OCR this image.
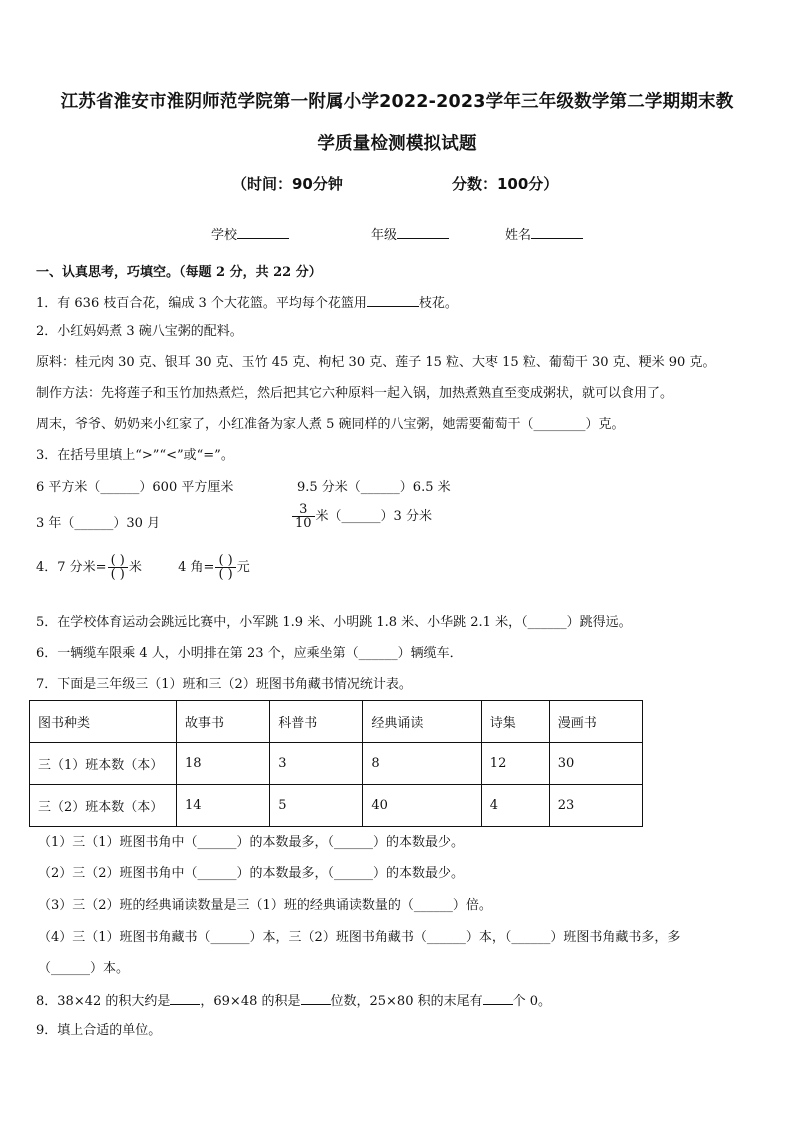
江苏省淮安市淮阴师范学院第一附属小学2022-2023学年三年级数学第二学期期末教
学质量检测模拟试题
（时间：90分钟	分数：100分）
学校	年级	姓名
一、认真思考，巧填空。（每题 2 分，共 22 分）
1．有 636 枝百合花，编成 3 个大花篮。平均每个花篮用	枝花。
2．小红妈妈煮 3 碗八宝粥的配料。
原料：桂元肉 30 克、银耳 30 克、玉竹 45 克、枸杞 30 克、莲子 15 粒、大枣 15 粒、葡萄干 30 克、粳米 90 克。
制作方法：先将莲子和玉竹加热煮烂，然后把其它六种原料一起入锅，加热煮熟直至变成粥状，就可以食用了。
周末，爷爷、奶奶来小红家了，小红准备为家人煮 5 碗同样的八宝粥，她需要葡萄干（________）克。
3．在括号里填上“>”“<”或“=”。
6 平方米（______）600 平方厘米	9.5 分米（______）6.5 米
3 年（______）30 月	$\frac{3}{10}$ 米（______）3 分米
4．7 分米= $\frac{( )}{( )}$ 米	4 角= $\frac{( )}{( )}$ 元
5．在学校体育运动会跳远比赛中，小军跳 1.9 米、小明跳 1.8 米、小华跳 2.1 米，（______）跳得远。
6．一辆缆车限乘 4 人，小明排在第 23 个，应乘坐第（______）辆缆车．
7．下面是三年级三（1）班和三（2）班图书角藏书情况统计表。
图书种类	故事书	科普书	经典诵读	诗集	漫画书
三（1）班本数（本）	18	3	8	12	30
三（2）班本数（本）	14	5	40	4	23
（1）三（1）班图书角中（______）的本数最多，（______）的本数最少。
（2）三（2）班图书角中（______）的本数最多，（______）的本数最少。
（3）三（2）班的经典诵读数量是三（1）班的经典诵读数量的（______）倍。
（4）三（1）班图书角藏书（______）本，三（2）班图书角藏书（______）本，（______）班图书角藏书多，多
（______）本。
8．38×42 的积大约是 ，69×48 的积是 位数，25×80 积的末尾有 个 0。
9．填上合适的单位。
